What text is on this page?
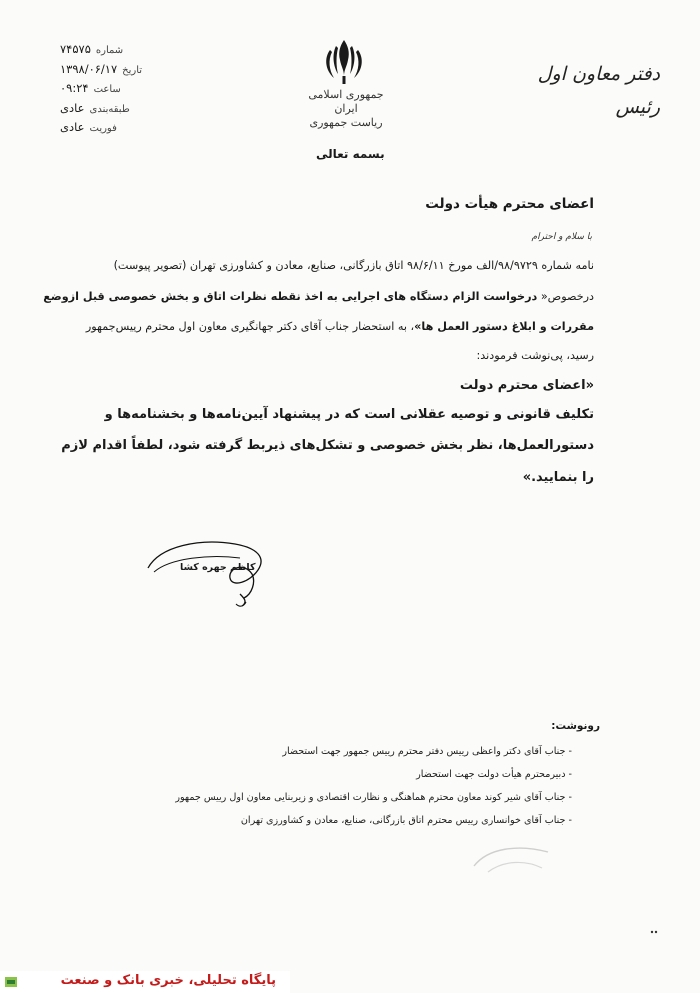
شماره
۷۴۵۷۵
تاریخ
۱۳۹۸/۰۶/۱۷
ساعت
۰۹:۲۴
طبقه‌بندی
عادی
فوریت
عادی
جمهوری اسلامی ایران
ریاست جمهوری
بسمه تعالی
دفتر معاون اول
رئیس
اعضای محترم هیأت دولت
با سلام و احترام
نامه شماره ۹۸/۹۷۲۹/الف مورخ ۹۸/۶/۱۱ اتاق بازرگانی، صنایع، معادن و کشاورزی تهران (تصویر پیوست)
درخصوص« درخواست الزام دستگاه های اجرایی به اخذ نقطه نظرات اتاق و بخش خصوصی قبل ازوضع
مقررات و ابلاغ دستور العمل ها»، به استحضار جناب آقای دکتر جهانگیری معاون اول محترم رییس‌جمهور
رسید، پی‌نوشت فرمودند:
«اعضای محترم دولت
تکلیف قانونی و توصیه عقلانی است که در پیشنهاد آیین‌نامه‌ها و بخشنامه‌ها و
دستورالعمل‌ها، نظر بخش خصوصی و تشکل‌های ذیربط گرفته شود، لطفاً اقدام لازم
را بنمایید.»
کاظم جهره کشا
رونوشت:
- جناب آقای دکتر واعظی رییس دفتر محترم رییس جمهور جهت استحضار
- دبیرمحترم هیأت دولت جهت استحضار
- جناب آقای شیر کوند معاون محترم هماهنگی و نظارت اقتصادی و زیربنایی معاون اول رییس جمهور
- جناب آقای خوانساری رییس محترم اتاق بازرگانی، صنایع، معادن و کشاورزی تهران
پایگاه تحلیلی، خبری بانک و صنعت
